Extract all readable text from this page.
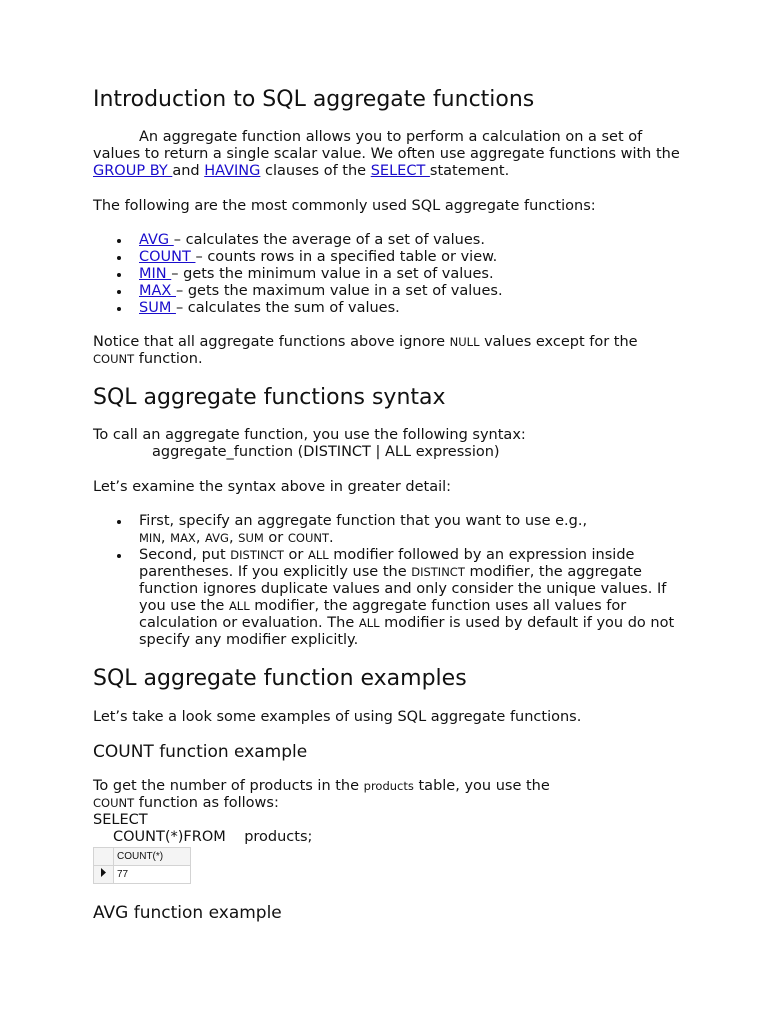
Introduction to SQL aggregate functions

An aggregate function allows you to perform a calculation on a set of values to return a single scalar value. We often use aggregate functions with the GROUP BY and HAVING clauses of the SELECT statement.

The following are the most commonly used SQL aggregate functions:

AVG – calculates the average of a set of values.
COUNT – counts rows in a specified table or view.
MIN – gets the minimum value in a set of values.
MAX – gets the maximum value in a set of values.
SUM – calculates the sum of values.

Notice that all aggregate functions above ignore NULL values except for the COUNT function.

SQL aggregate functions syntax

To call an aggregate function, you use the following syntax:

aggregate_function (DISTINCT | ALL expression)

Let’s examine the syntax above in greater detail:

First, specify an aggregate function that you want to use e.g., MIN, MAX, AVG, SUM or COUNT.
Second, put DISTINCT or ALL modifier followed by an expression inside parentheses. If you explicitly use the DISTINCT modifier, the aggregate function ignores duplicate values and only consider the unique values. If you use the ALL modifier, the aggregate function uses all values for calculation or evaluation. The ALL modifier is used by default if you do not specify any modifier explicitly.
SQL aggregate function examples

Let’s take a look some examples of using SQL aggregate functions.

COUNT function example

To get the number of products in the products table, you use the COUNT function as follows:

SELECT

COUNT(*)FROM    products;

	COUNT(*)
	77
AVG function example
